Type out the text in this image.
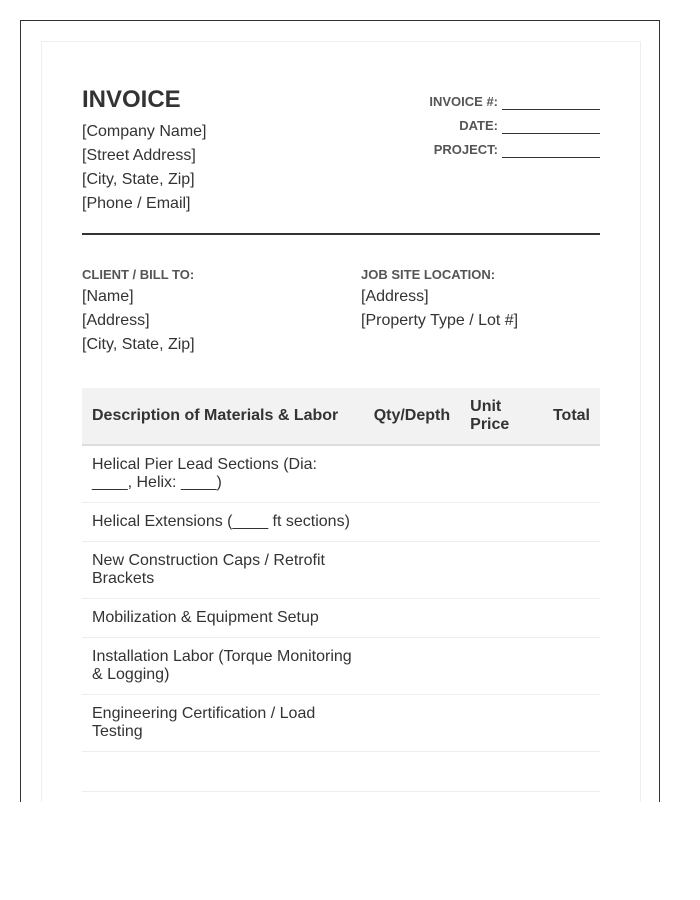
INVOICE
[Company Name]
[Street Address]
[City, State, Zip]
[Phone / Email]
INVOICE #:
DATE:
PROJECT:
CLIENT / BILL TO:
[Name]
[Address]
[City, State, Zip]
JOB SITE LOCATION:
[Address]
[Property Type / Lot #]
Description of Materials & Labor	Qty/Depth	Unit Price	Total
Helical Pier Lead Sections (Dia: ____, Helix: ____)			
Helical Extensions (____ ft sections)			
New Construction Caps / Retrofit Brackets			
Mobilization & Equipment Setup			
Installation Labor (Torque Monitoring & Logging)			
Engineering Certification / Load Testing			
